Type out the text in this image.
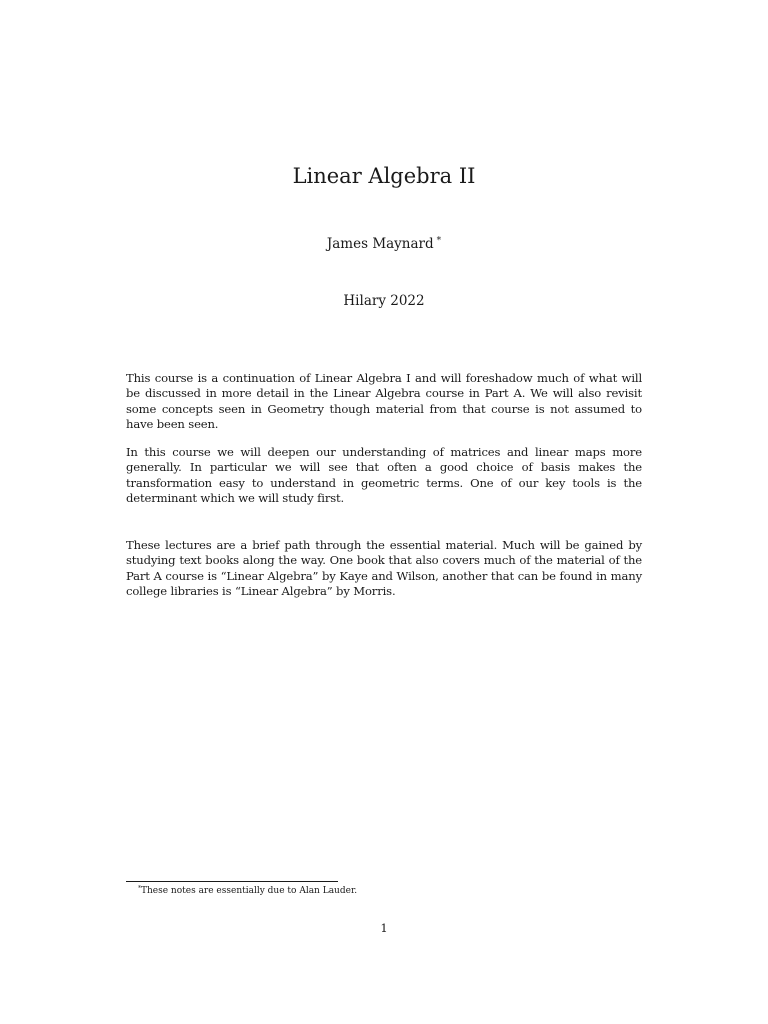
Linear Algebra II
James Maynard *
Hilary 2022

This course is a continuation of Linear Algebra I and will foreshadow much of what will be discussed in more detail in the Linear Algebra course in Part A. We will also revisit some concepts seen in Geometry though material from that course is not assumed to have been seen.

In this course we will deepen our understanding of matrices and linear maps more generally. In particular we will see that often a good choice of basis makes the transformation easy to understand in geometric terms. One of our key tools is the determinant which we will study first.

These lectures are a brief path through the essential material. Much will be gained by studying text books along the way. One book that also covers much of the material of the Part A course is “Linear Algebra” by Kaye and Wilson, another that can be found in many college libraries is “Linear Algebra” by Morris.

*These notes are essentially due to Alan Lauder.
1
